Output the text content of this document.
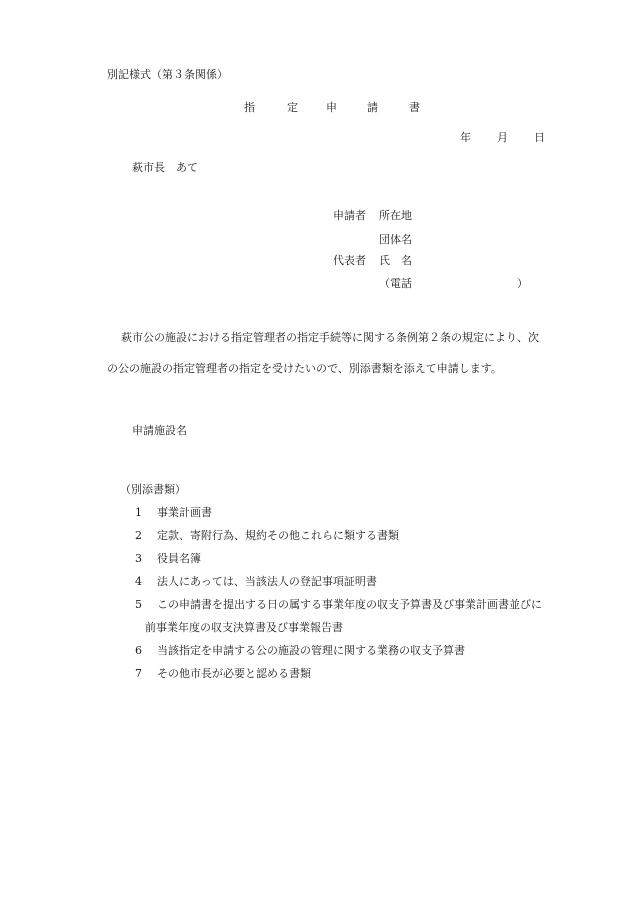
別記様式（第３条関係）
指	定	申	請	書
年 月 日
萩市長　あて
申請者 所在地
団体名
代表者 氏　名
（電話	）
萩市公の施設における指定管理者の指定手続等に関する条例第２条の規定により、次
の公の施設の指定管理者の指定を受けたいので、別添書類を添えて申請します。
申請施設名
（別添書類）
1 事業計画書
2 定款、寄附行為、規約その他これらに類する書類
3 役員名簿
4 法人にあっては、当該法人の登記事項証明書
5 この申請書を提出する日の属する事業年度の収支予算書及び事業計画書並びに
前事業年度の収支決算書及び事業報告書
6 当該指定を申請する公の施設の管理に関する業務の収支予算書
7 その他市長が必要と認める書類
